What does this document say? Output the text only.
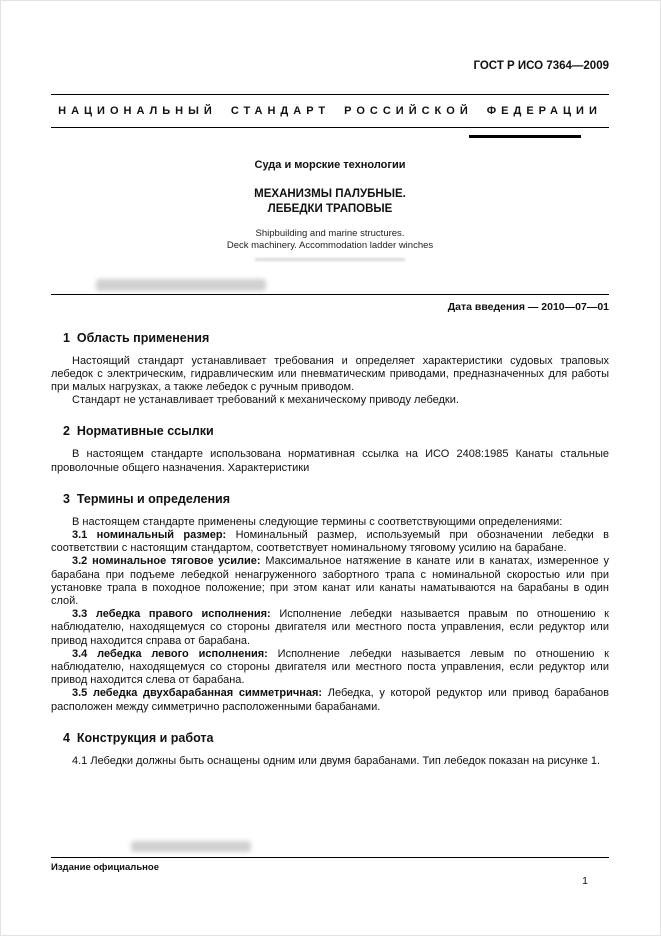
ГОСТ Р ИСО 7364—2009
НАЦИОНАЛЬНЫЙ СТАНДАРТ РОССИЙСКОЙ ФЕДЕРАЦИИ
Суда и морские технологии
МЕХАНИЗМЫ ПАЛУБНЫЕ.
ЛЕБЕДКИ ТРАПОВЫЕ
Shipbuilding and marine structures.
Deck machinery. Accommodation ladder winches
Дата введения — 2010—07—01
1  Область применения

Настоящий стандарт устанавливает требования и определяет характеристики судовых траповых лебедок с электрическим, гидравлическим или пневматическим приводами, предназначенных для работы при малых нагрузках, а также лебедок с ручным приводом.

Стандарт не устанавливает требований к механическому приводу лебедки.

2  Нормативные ссылки

В настоящем стандарте использована нормативная ссылка на ИСО 2408:1985 Канаты стальные проволочные общего назначения. Характеристики

3  Термины и определения

В настоящем стандарте применены следующие термины с соответствующими определениями:

3.1 номинальный размер: Номинальный размер, используемый при обозначении лебедки в соответствии с настоящим стандартом, соответствует номинальному тяговому усилию на барабане.

3.2 номинальное тяговое усилие: Максимальное натяжение в канате или в канатах, измеренное у барабана при подъеме лебедкой ненагруженного забортного трапа с номинальной скоростью или при установке трапа в походное положение; при этом канат или канаты наматываются на барабаны в один слой.

3.3 лебедка правого исполнения: Исполнение лебедки называется правым по отношению к наблюдателю, находящемуся со стороны двигателя или местного поста управления, если редуктор или привод находится справа от барабана.

3.4 лебедка левого исполнения: Исполнение лебедки называется левым по отношению к наблюдателю, находящемуся со стороны двигателя или местного поста управления, если редуктор или привод находится слева от барабана.

3.5 лебедка двухбарабанная симметричная: Лебедка, у которой редуктор или привод барабанов расположен между симметрично расположенными барабанами.

4  Конструкция и работа

4.1 Лебедки должны быть оснащены одним или двумя барабанами. Тип лебедок показан на рисунке 1.

Издание официальное
1
